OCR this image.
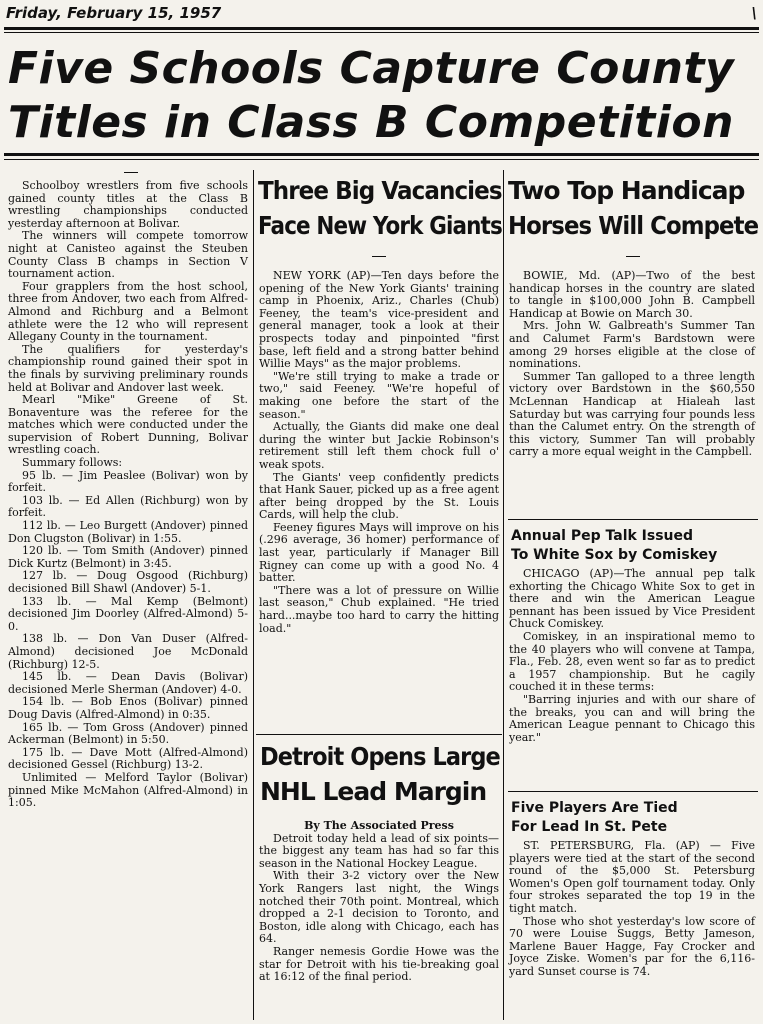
Friday, February 15, 1957	\
Five Schools Capture County
Titles in Class B Competition

Schoolboy wrestlers from five schools gained county titles at the Class B wrestling championships conducted yesterday afternoon at Bolivar.

The winners will compete tomorrow night at Canisteo against the Steuben County Class B champs in Section V tournament action.

Four grapplers from the host school, three from Andover, two each from Alfred-Almond and Richburg and a Belmont athlete were the 12 who will represent Allegany County in the tournament.

The qualifiers for yesterday's championship round gained their spot in the finals by surviving preliminary rounds held at Bolivar and Andover last week.

Mearl "Mike" Greene of St. Bonaventure was the referee for the matches which were conducted under the supervision of Robert Dunning, Bolivar wrestling coach.

Summary follows:

95 lb. — Jim Peaslee (Bolivar) won by forfeit.

103 lb. — Ed Allen (Richburg) won by forfeit.

112 lb. — Leo Burgett (Andover) pinned Don Clugston (Bolivar) in 1:55.

120 lb. — Tom Smith (Andover) pinned Dick Kurtz (Belmont) in 3:45.

127 lb. — Doug Osgood (Richburg) decisioned Bill Shawl (Andover) 5-1.

133 lb. — Mal Kemp (Belmont) decisioned Jim Doorley (Alfred-Almond) 5-0.

138 lb. — Don Van Duser (Alfred-Almond) decisioned Joe McDonald (Richburg) 12-5.

145 lb. — Dean Davis (Bolivar) decisioned Merle Sherman (Andover) 4-0.

154 lb. — Bob Enos (Bolivar) pinned Doug Davis (Alfred-Almond) in 0:35.

165 lb. — Tom Gross (Andover) pinned Ackerman (Belmont) in 5:50.

175 lb. — Dave Mott (Alfred-Almond) decisioned Gessel (Richburg) 13-2.

Unlimited — Melford Taylor (Bolivar) pinned Mike McMahon (Alfred-Almond) in 1:05.

Three Big Vacancies
Face New York Giants

NEW YORK (AP)—Ten days before the opening of the New York Giants' training camp in Phoenix, Ariz., Charles (Chub) Feeney, the team's vice-president and general manager, took a look at their prospects today and pinpointed "first base, left field and a strong batter behind Willie Mays" as the major problems.

"We're still trying to make a trade or two," said Feeney. "We're hopeful of making one before the start of the season."

Actually, the Giants did make one deal during the winter but Jackie Robinson's retirement still left them chock full o' weak spots.

The Giants' veep confidently predicts that Hank Sauer, picked up as a free agent after being dropped by the St. Louis Cards, will help the club.

Feeney figures Mays will improve on his (.296 average, 36 homer) performance of last year, particularly if Manager Bill Rigney can come up with a good No. 4 batter.

"There was a lot of pressure on Willie last season," Chub explained. "He tried hard...maybe too hard to carry the hitting load."

Detroit Opens Large
NHL Lead Margin

By The Associated Press

Detroit today held a lead of six points—the biggest any team has had so far this season in the National Hockey League.

With their 3-2 victory over the New York Rangers last night, the Wings notched their 70th point. Montreal, which dropped a 2-1 decision to Toronto, and Boston, idle along with Chicago, each has 64.

Ranger nemesis Gordie Howe was the star for Detroit with his tie-breaking goal at 16:12 of the final period.

Two Top Handicap
Horses Will Compete

BOWIE, Md. (AP)—Two of the best handicap horses in the country are slated to tangle in $100,000 John B. Campbell Handicap at Bowie on March 30.

Mrs. John W. Galbreath's Summer Tan and Calumet Farm's Bardstown were among 29 horses eligible at the close of nominations.

Summer Tan galloped to a three length victory over Bardstown in the $60,550 McLennan Handicap at Hialeah last Saturday but was carrying four pounds less than the Calumet entry. On the strength of this victory, Summer Tan will probably carry a more equal weight in the Campbell.

Annual Pep Talk Issued
To White Sox by Comiskey

CHICAGO (AP)—The annual pep talk exhorting the Chicago White Sox to get in there and win the American League pennant has been issued by Vice President Chuck Comiskey.

Comiskey, in an inspirational memo to the 40 players who will convene at Tampa, Fla., Feb. 28, even went so far as to predict a 1957 championship. But he cagily couched it in these terms:

"Barring injuries and with our share of the breaks, you can and will bring the American League pennant to Chicago this year."

Five Players Are Tied
For Lead In St. Pete

ST. PETERSBURG, Fla. (AP) — Five players were tied at the start of the second round of the $5,000 St. Petersburg Women's Open golf tournament today. Only four strokes separated the top 19 in the tight match.

Those who shot yesterday's low score of 70 were Louise Suggs, Betty Jameson, Marlene Bauer Hagge, Fay Crocker and Joyce Ziske. Women's par for the 6,116-yard Sunset course is 74.
